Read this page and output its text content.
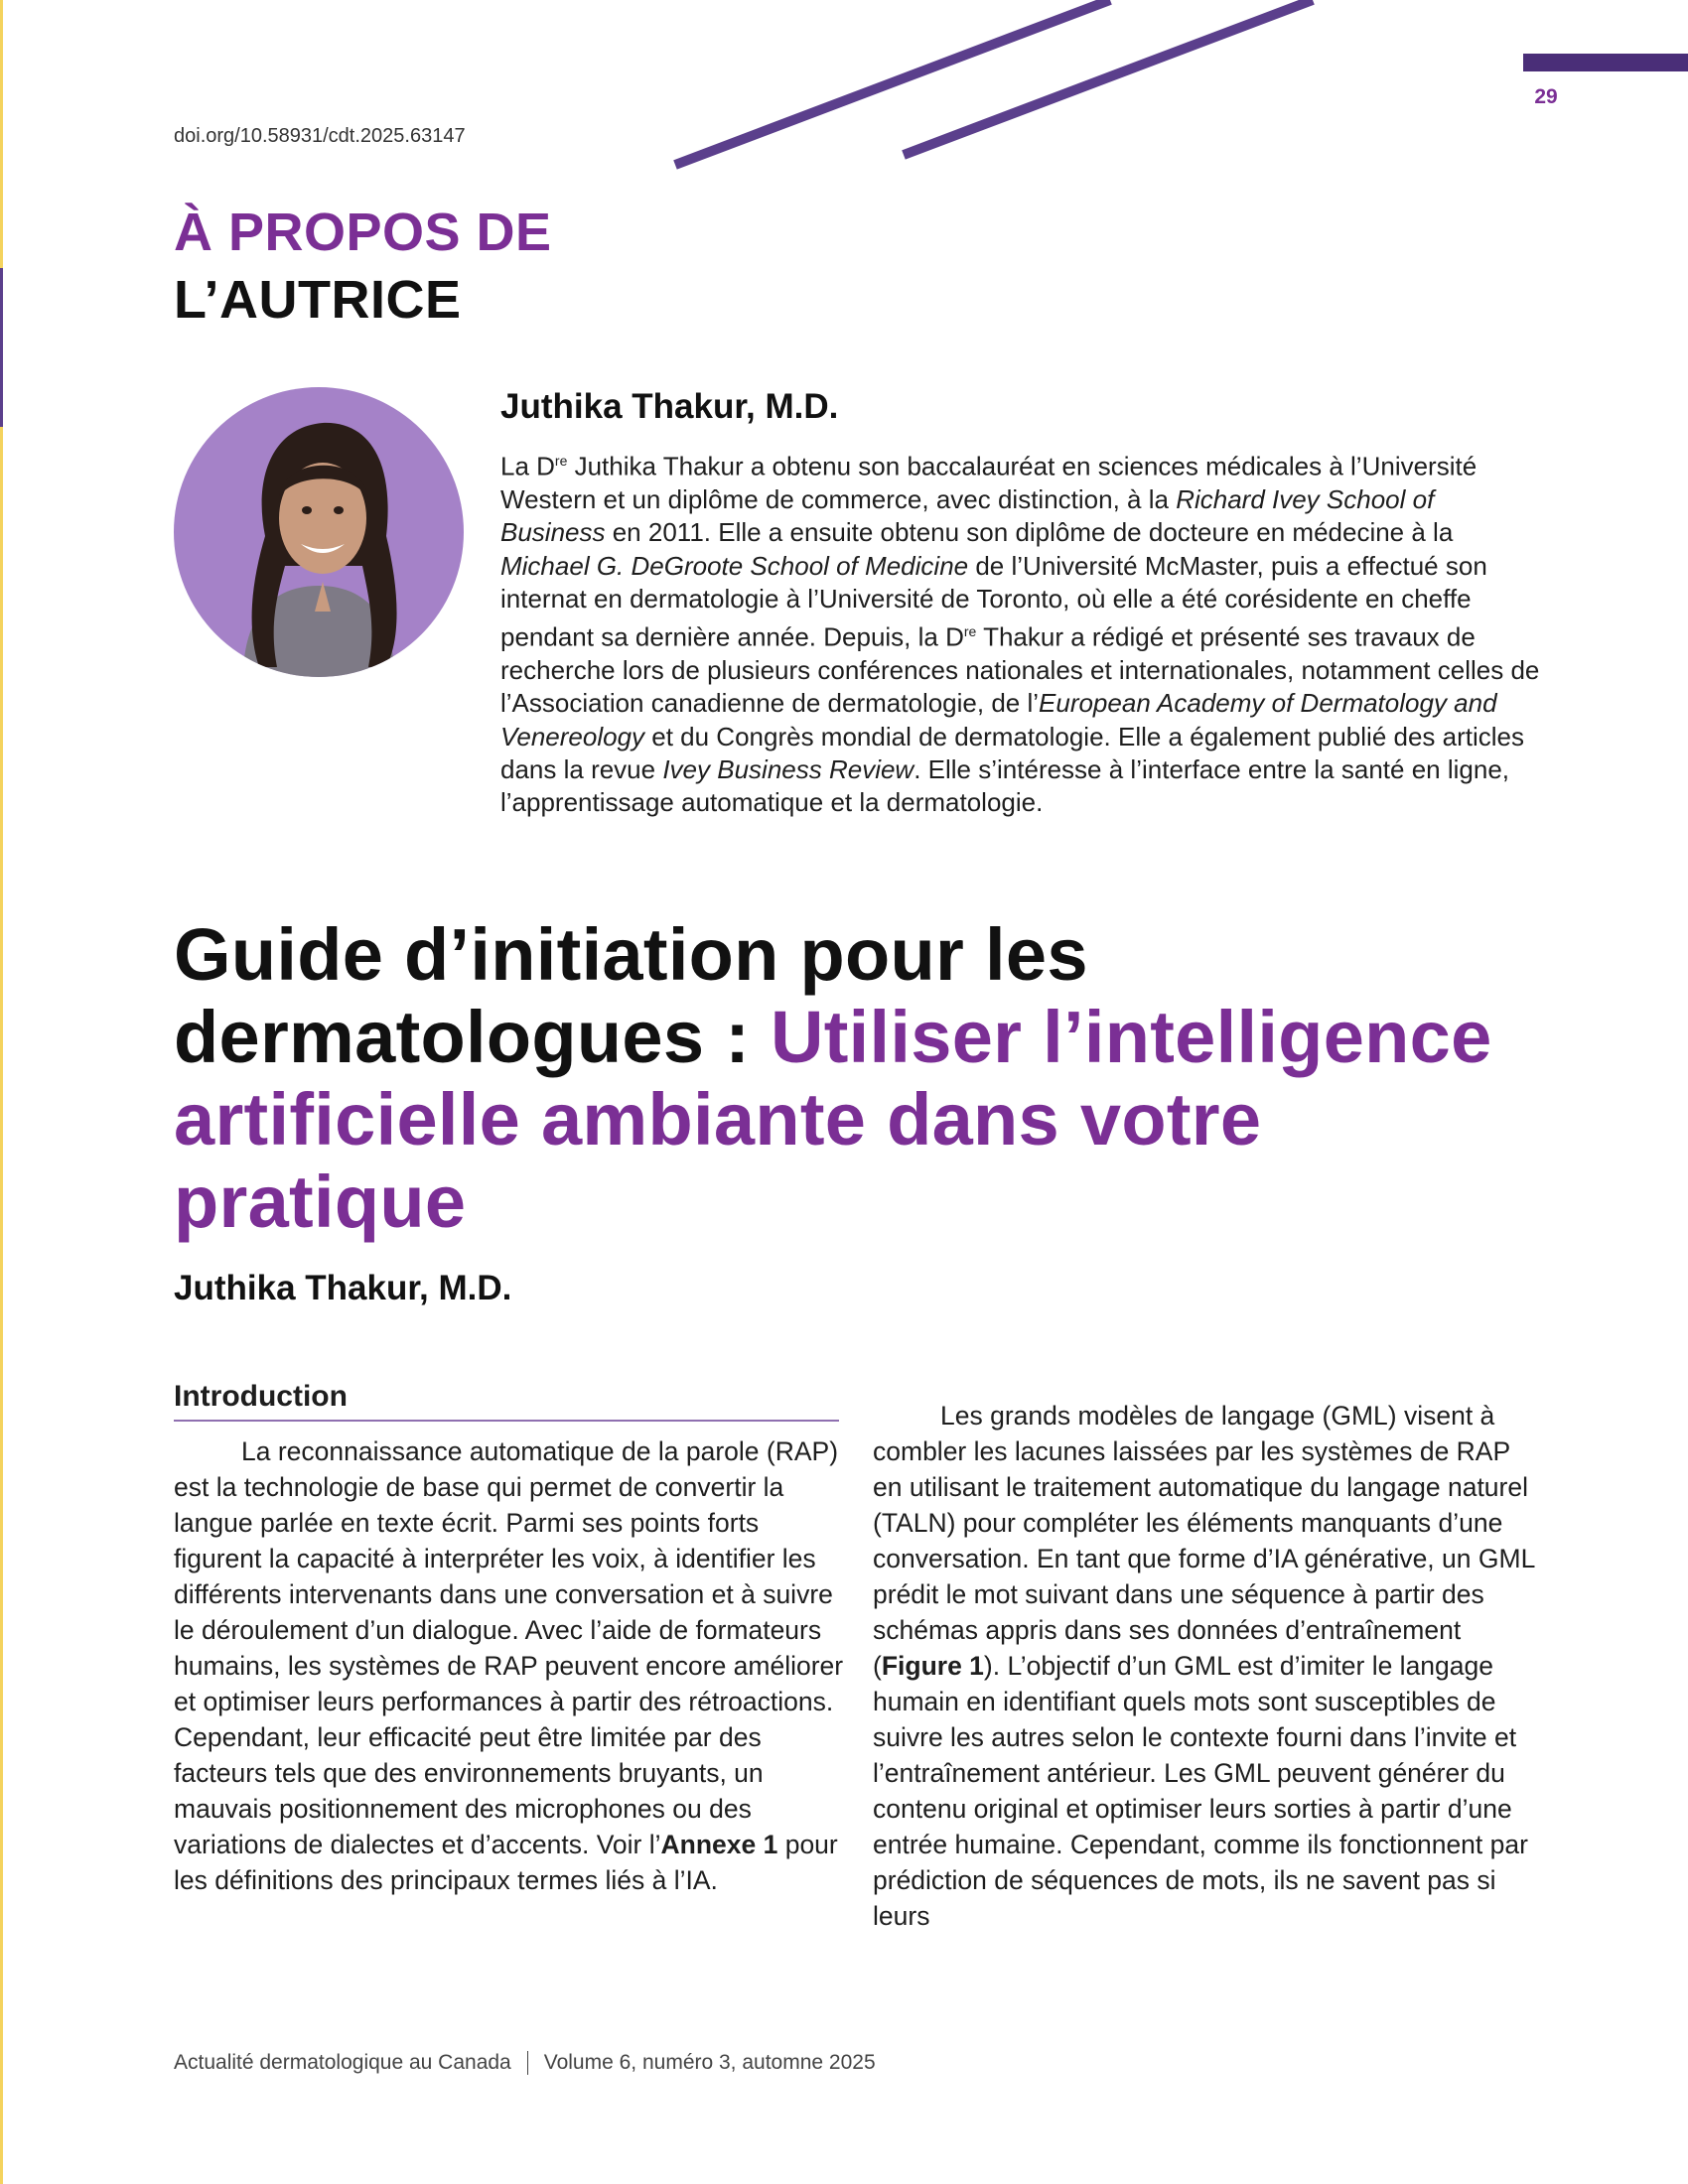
29
doi.org/10.58931/cdt.2025.63147
À PROPOS DE
L’AUTRICE
Juthika Thakur, M.D.
La Dre Juthika Thakur a obtenu son baccalauréat en sciences médicales à l’Université Western et un diplôme de commerce, avec distinction, à la Richard Ivey School of Business en 2011. Elle a ensuite obtenu son diplôme de docteure en médecine à la Michael G. DeGroote School of Medicine de l’Université McMaster, puis a effectué son internat en dermatologie à l’Université de Toronto, où elle a été corésidente en cheffe pendant sa dernière année. Depuis, la Dre Thakur a rédigé et présenté ses travaux de recherche lors de plusieurs conférences nationales et internationales, notamment celles de l’Association canadienne de dermatologie, de l’European Academy of Dermatology and Venereology et du Congrès mondial de dermatologie. Elle a également publié des articles dans la revue Ivey Business Review. Elle s’intéresse à l’interface entre la santé en ligne, l’apprentissage automatique et la dermatologie.
Guide d’initiation pour les dermatologues : Utiliser l’intelligence artificielle ambiante dans votre pratique
Juthika Thakur, M.D.
Introduction

La reconnaissance automatique de la parole (RAP) est la technologie de base qui permet de convertir la langue parlée en texte écrit. Parmi ses points forts figurent la capacité à interpréter les voix, à identifier les différents intervenants dans une conversation et à suivre le déroulement d’un dialogue. Avec l’aide de formateurs humains, les systèmes de RAP peuvent encore améliorer et optimiser leurs performances à partir des rétroactions. Cependant, leur efficacité peut être limitée par des facteurs tels que des environnements bruyants, un mauvais positionnement des microphones ou des variations de dialectes et d’accents. Voir l’Annexe 1 pour les définitions des principaux termes liés à l’IA.

Les grands modèles de langage (GML) visent à combler les lacunes laissées par les systèmes de RAP en utilisant le traitement automatique du langage naturel (TALN) pour compléter les éléments manquants d’une conversation. En tant que forme d’IA générative, un GML prédit le mot suivant dans une séquence à partir des schémas appris dans ses données d’entraînement (Figure 1). L’objectif d’un GML est d’imiter le langage humain en identifiant quels mots sont susceptibles de suivre les autres selon le contexte fourni dans l’invite et l’entraînement antérieur. Les GML peuvent générer du contenu original et optimiser leurs sorties à partir d’une entrée humaine. Cependant, comme ils fonctionnent par prédiction de séquences de mots, ils ne savent pas si leurs

Actualité dermatologique au Canada Volume 6, numéro 3, automne 2025
